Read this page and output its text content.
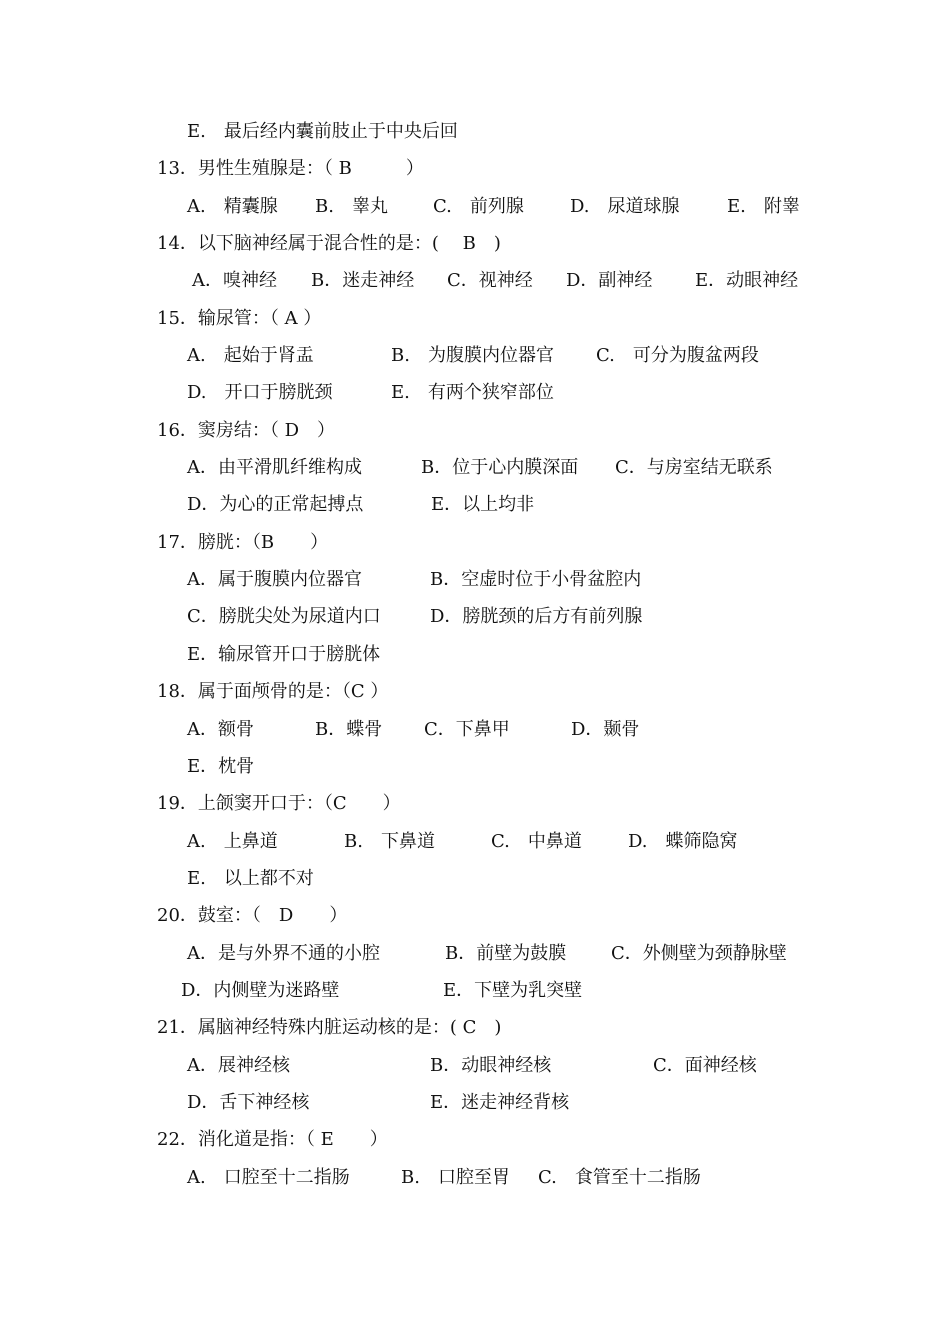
E.　最后经内囊前肢止于中央后回
13．男性生殖腺是：（ B　　　）
A.　精囊腺 B.　睾丸	C.　前列腺	D.　尿道球腺	E.　附睾
14．以下脑神经属于混合性的是：(　 B　)
A．嗅神经 B．迷走神经 C．视神经 D．副神经 E．动眼神经
15．输尿管：（ A ）
A.　起始于肾盂	B.　为腹膜内位器官 C.　可分为腹盆两段
D.　开口于膀胱颈	E.　有两个狭窄部位
16．窦房结：（ D　）
A．由平滑肌纤维构成	B．位于心内膜深面 C．与房室结无联系
D．为心的正常起搏点	E．以上均非
17．膀胱：（B　　）
A．属于腹膜内位器官	B．空虚时位于小骨盆腔内
C．膀胱尖处为尿道内口	D．膀胱颈的后方有前列腺
E．输尿管开口于膀胱体
18．属于面颅骨的是：（C ）
A．额骨	B．蝶骨 C．下鼻甲	D．颞骨
E．枕骨
19．上颌窦开口于：（C　　）
A.　上鼻道	B.　下鼻道	C.　中鼻道	D.　蝶筛隐窝
E.　以上都不对
20．鼓室：（　D　　）
A．是与外界不通的小腔	B．前壁为鼓膜 C．外侧壁为颈静脉壁
D．内侧壁为迷路壁	E．下壁为乳突壁
21．属脑神经特殊内脏运动核的是：( C　)
A．展神经核	B．动眼神经核	C．面神经核
D．舌下神经核	E．迷走神经背核
22．消化道是指：（ E　　）
A.　口腔至十二指肠	B.　口腔至胃 C.　食管至十二指肠
